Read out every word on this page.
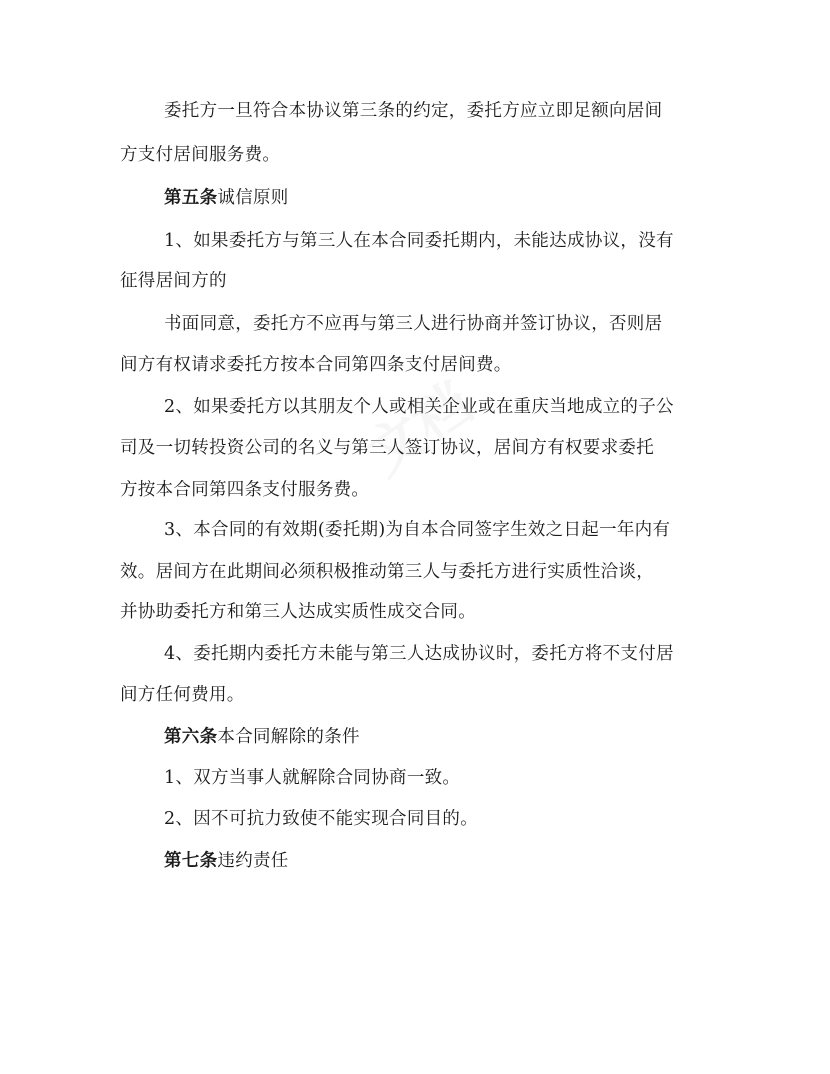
文档
委托方一旦符合本协议第三条的约定，委托方应立即足额向居间
方支付居间服务费。
第五条诚信原则
1、如果委托方与第三人在本合同委托期内，未能达成协议，没有
征得居间方的
书面同意，委托方不应再与第三人进行协商并签订协议，否则居
间方有权请求委托方按本合同第四条支付居间费。
2、如果委托方以其朋友个人或相关企业或在重庆当地成立的子公
司及一切转投资公司的名义与第三人签订协议，居间方有权要求委托
方按本合同第四条支付服务费。
3、本合同的有效期(委托期)为自本合同签字生效之日起一年内有
效。居间方在此期间必须积极推动第三人与委托方进行实质性洽谈，
并协助委托方和第三人达成实质性成交合同。
4、委托期内委托方未能与第三人达成协议时，委托方将不支付居
间方任何费用。
第六条本合同解除的条件
1、双方当事人就解除合同协商一致。
2、因不可抗力致使不能实现合同目的。
第七条违约责任
